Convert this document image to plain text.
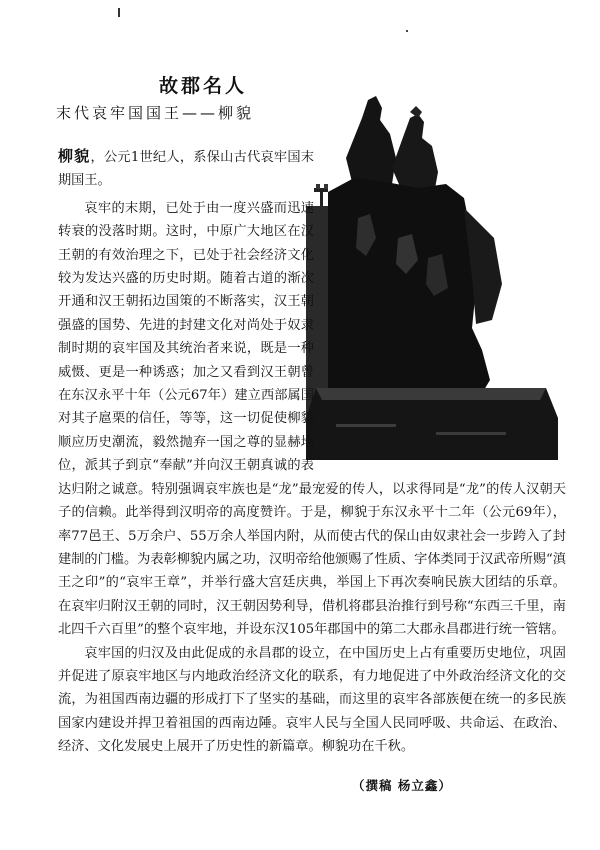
故郡名人
末代哀牢国国王——柳貌

柳貌，公元1世纪人，系保山古代哀牢国末期国王。

哀牢的末期，已处于由一度兴盛而迅速转衰的没落时期。这时，中原广大地区在汉王朝的有效治理之下，已处于社会经济文化较为发达兴盛的历史时期。随着古道的渐次开通和汉王朝拓边国策的不断落实，汉王朝强盛的国势、先进的封建文化对尚处于奴隶制时期的哀牢国及其统治者来说，既是一种威慑、更是一种诱惑；加之又看到汉王朝曾在东汉永平十年（公元67年）建立西部属国对其子扈栗的信任，等等，这一切促使柳貌顺应历史潮流，毅然抛弃一国之尊的显赫地位，派其子到京“奉献”并向汉王朝真诚的表达归附之诚意。特别强调哀牢族也是“龙”最宠爱的传人，以求得同是“龙”的传人汉朝天子的信赖。此举得到汉明帝的高度赞许。于是，柳貌于东汉永平十二年（公元69年），率77邑王、5万余户、55万余人举国内附，从而使古代的保山由奴隶社会一步跨入了封建制的门槛。为表彰柳貌内属之功，汉明帝给他颁赐了性质、字体类同于汉武帝所赐“滇王之印”的“哀牢王章”，并举行盛大宫廷庆典，举国上下再次奏响民族大团结的乐章。在哀牢归附汉王朝的同时，汉王朝因势利导，借机将郡县治推行到号称“东西三千里，南北四千六百里”的整个哀牢地，并设东汉105年郡国中的第二大郡永昌郡进行统一管辖。

哀牢国的归汉及由此促成的永昌郡的设立，在中国历史上占有重要历史地位，巩固并促进了原哀牢地区与内地政治经济文化的联系，有力地促进了中外政治经济文化的交流，为祖国西南边疆的形成打下了坚实的基础，而这里的哀牢各部族便在统一的多民族国家内建设并捍卫着祖国的西南边陲。哀牢人民与全国人民同呼吸、共命运、在政治、经济、文化发展史上展开了历史性的新篇章。柳貌功在千秋。

（撰稿 杨立鑫）
